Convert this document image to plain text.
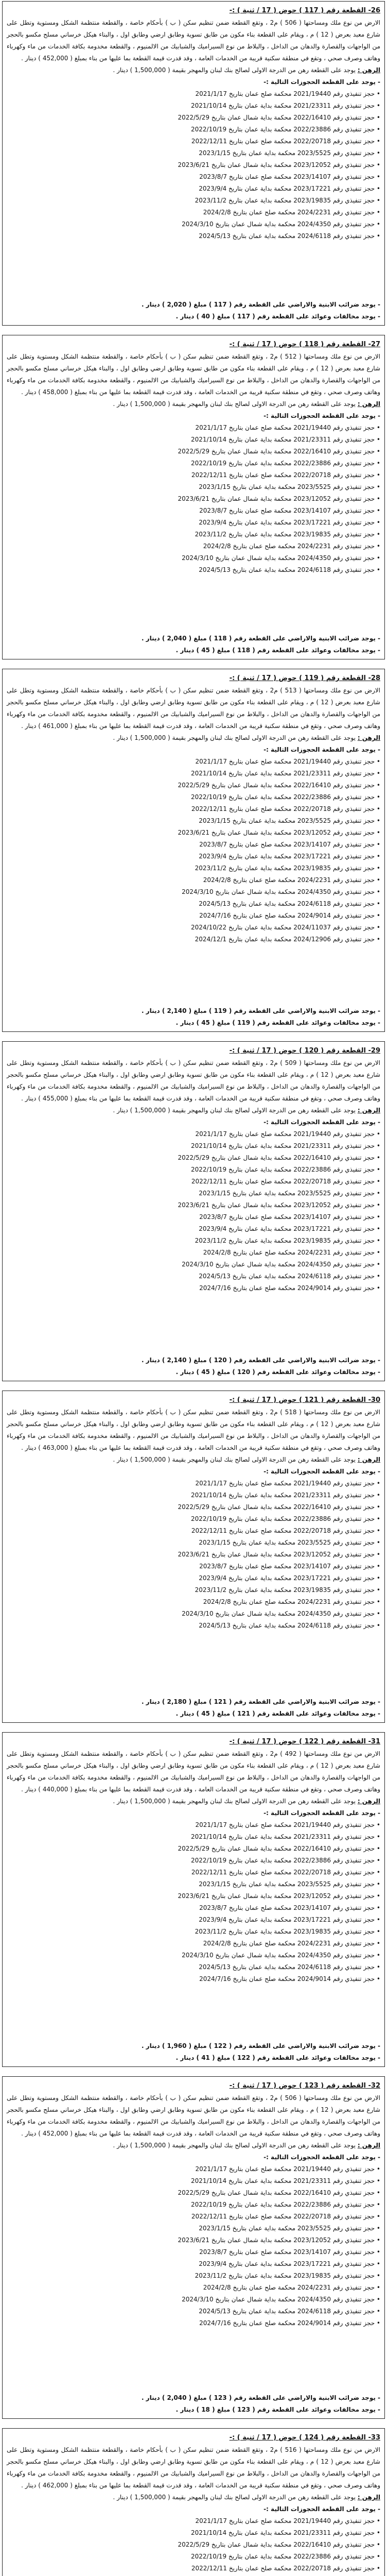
26- القطعة رقم ( 117 ) حوض ( 17 / ثنية ) :-

الارض من نوع ملك ومساحتها ( 506 ) م2 ، وتقع القطعة ضمن تنظيم سكن ( ب ) بأحكام خاصة ، والقطعة منتظمة الشكل ومستوية وتطل على شارع معبد بعرض ( 12 ) م ، ويقام على القطعة بناء مكون من طابق تسوية وطابق ارضي وطابق اول ، والبناء هيكل خرساني مسلح مكسو بالحجر من الواجهات والقصارة والدهان من الداخل ، والبلاط من نوع السيراميك والشبابيك من الالمنيوم ، والقطعة مخدومة بكافة الخدمات من ماء وكهرباء وهاتف وصرف صحي ، وتقع في منطقة سكنية قريبة من الخدمات العامة ، وقد قدرت قيمة القطعة بما عليها من بناء بمبلغ ( 452,000 ) دينار .

الرهن : يوجد على القطعة رهن من الدرجة الاولى لصالح بنك لبنان والمهجر بقيمة ( 1,500,000 ) دينار .

- يوجد على القطعة الحجوزات التالية :-
• حجز تنفيذي رقم 2021/19440 محكمة صلح عمان بتاريخ 2021/1/17
• حجز تنفيذي رقم 2021/23311 محكمة بداية عمان بتاريخ 2021/10/14
• حجز تنفيذي رقم 2022/16410 محكمة بداية شمال عمان بتاريخ 2022/5/29
• حجز تنفيذي رقم 2022/23886 محكمة بداية عمان بتاريخ 2022/10/19
• حجز تنفيذي رقم 2022/20718 محكمة صلح عمان بتاريخ 2022/12/11
• حجز تنفيذي رقم 2023/5525 محكمة بداية عمان بتاريخ 2023/1/15
• حجز تنفيذي رقم 2023/12052 محكمة بداية شمال عمان بتاريخ 2023/6/21
• حجز تنفيذي رقم 2023/14107 محكمة صلح عمان بتاريخ 2023/8/7
• حجز تنفيذي رقم 2023/17221 محكمة بداية عمان بتاريخ 2023/9/4
• حجز تنفيذي رقم 2023/19835 محكمة بداية عمان بتاريخ 2023/11/2
• حجز تنفيذي رقم 2024/2231 محكمة صلح عمان بتاريخ 2024/2/8
• حجز تنفيذي رقم 2024/4350 محكمة بداية شمال عمان بتاريخ 2024/3/10
• حجز تنفيذي رقم 2024/6118 محكمة بداية عمان بتاريخ 2024/5/13
- يوجد ضرائب الابنية والاراضي على القطعة رقم ( 117 ) مبلغ ( 2,020 ) دينار .
- يوجد مخالفات وعوائد على القطعة رقم ( 117 ) مبلغ ( 40 ) دينار .
27- القطعة رقم ( 118 ) حوض ( 17 / ثنية ) :-

الارض من نوع ملك ومساحتها ( 512 ) م2 ، وتقع القطعة ضمن تنظيم سكن ( ب ) بأحكام خاصة ، والقطعة منتظمة الشكل ومستوية وتطل على شارع معبد بعرض ( 12 ) م ، ويقام على القطعة بناء مكون من طابق تسوية وطابق ارضي وطابق اول ، والبناء هيكل خرساني مسلح مكسو بالحجر من الواجهات والقصارة والدهان من الداخل ، والبلاط من نوع السيراميك والشبابيك من الالمنيوم ، والقطعة مخدومة بكافة الخدمات من ماء وكهرباء وهاتف وصرف صحي ، وتقع في منطقة سكنية قريبة من الخدمات العامة ، وقد قدرت قيمة القطعة بما عليها من بناء بمبلغ ( 458,000 ) دينار .

الرهن : يوجد على القطعة رهن من الدرجة الاولى لصالح بنك لبنان والمهجر بقيمة ( 1,500,000 ) دينار .

- يوجد على القطعة الحجوزات التالية :-
• حجز تنفيذي رقم 2021/19440 محكمة صلح عمان بتاريخ 2021/1/17
• حجز تنفيذي رقم 2021/23311 محكمة بداية عمان بتاريخ 2021/10/14
• حجز تنفيذي رقم 2022/16410 محكمة بداية شمال عمان بتاريخ 2022/5/29
• حجز تنفيذي رقم 2022/23886 محكمة بداية عمان بتاريخ 2022/10/19
• حجز تنفيذي رقم 2022/20718 محكمة صلح عمان بتاريخ 2022/12/11
• حجز تنفيذي رقم 2023/5525 محكمة بداية عمان بتاريخ 2023/1/15
• حجز تنفيذي رقم 2023/12052 محكمة بداية شمال عمان بتاريخ 2023/6/21
• حجز تنفيذي رقم 2023/14107 محكمة صلح عمان بتاريخ 2023/8/7
• حجز تنفيذي رقم 2023/17221 محكمة بداية عمان بتاريخ 2023/9/4
• حجز تنفيذي رقم 2023/19835 محكمة بداية عمان بتاريخ 2023/11/2
• حجز تنفيذي رقم 2024/2231 محكمة صلح عمان بتاريخ 2024/2/8
• حجز تنفيذي رقم 2024/4350 محكمة بداية شمال عمان بتاريخ 2024/3/10
• حجز تنفيذي رقم 2024/6118 محكمة بداية عمان بتاريخ 2024/5/13
- يوجد ضرائب الابنية والاراضي على القطعة رقم ( 118 ) مبلغ ( 2,040 ) دينار .
- يوجد مخالفات وعوائد على القطعة رقم ( 118 ) مبلغ ( 45 ) دينار .
28- القطعة رقم ( 119 ) حوض ( 17 / ثنية ) :-

الارض من نوع ملك ومساحتها ( 513 ) م2 ، وتقع القطعة ضمن تنظيم سكن ( ب ) بأحكام خاصة ، والقطعة منتظمة الشكل ومستوية وتطل على شارع معبد بعرض ( 12 ) م ، ويقام على القطعة بناء مكون من طابق تسوية وطابق ارضي وطابق اول ، والبناء هيكل خرساني مسلح مكسو بالحجر من الواجهات والقصارة والدهان من الداخل ، والبلاط من نوع السيراميك والشبابيك من الالمنيوم ، والقطعة مخدومة بكافة الخدمات من ماء وكهرباء وهاتف وصرف صحي ، وتقع في منطقة سكنية قريبة من الخدمات العامة ، وقد قدرت قيمة القطعة بما عليها من بناء بمبلغ ( 461,000 ) دينار .

الرهن : يوجد على القطعة رهن من الدرجة الاولى لصالح بنك لبنان والمهجر بقيمة ( 1,500,000 ) دينار .

- يوجد على القطعة الحجوزات التالية :-
• حجز تنفيذي رقم 2021/19440 محكمة صلح عمان بتاريخ 2021/1/17
• حجز تنفيذي رقم 2021/23311 محكمة بداية عمان بتاريخ 2021/10/14
• حجز تنفيذي رقم 2022/16410 محكمة بداية شمال عمان بتاريخ 2022/5/29
• حجز تنفيذي رقم 2022/23886 محكمة بداية عمان بتاريخ 2022/10/19
• حجز تنفيذي رقم 2022/20718 محكمة صلح عمان بتاريخ 2022/12/11
• حجز تنفيذي رقم 2023/5525 محكمة بداية عمان بتاريخ 2023/1/15
• حجز تنفيذي رقم 2023/12052 محكمة بداية شمال عمان بتاريخ 2023/6/21
• حجز تنفيذي رقم 2023/14107 محكمة صلح عمان بتاريخ 2023/8/7
• حجز تنفيذي رقم 2023/17221 محكمة بداية عمان بتاريخ 2023/9/4
• حجز تنفيذي رقم 2023/19835 محكمة بداية عمان بتاريخ 2023/11/2
• حجز تنفيذي رقم 2024/2231 محكمة صلح عمان بتاريخ 2024/2/8
• حجز تنفيذي رقم 2024/4350 محكمة بداية شمال عمان بتاريخ 2024/3/10
• حجز تنفيذي رقم 2024/6118 محكمة بداية عمان بتاريخ 2024/5/13
• حجز تنفيذي رقم 2024/9014 محكمة صلح عمان بتاريخ 2024/7/16
• حجز تنفيذي رقم 2024/11037 محكمة بداية عمان بتاريخ 2024/10/22
• حجز تنفيذي رقم 2024/12906 محكمة بداية عمان بتاريخ 2024/12/1
- يوجد ضرائب الابنية والاراضي على القطعة رقم ( 119 ) مبلغ ( 2,140 ) دينار .
- يوجد مخالفات وعوائد على القطعة رقم ( 119 ) مبلغ ( 45 ) دينار .
29- القطعة رقم ( 120 ) حوض ( 17 / ثنية ) :-

الارض من نوع ملك ومساحتها ( 509 ) م2 ، وتقع القطعة ضمن تنظيم سكن ( ب ) بأحكام خاصة ، والقطعة منتظمة الشكل ومستوية وتطل على شارع معبد بعرض ( 12 ) م ، ويقام على القطعة بناء مكون من طابق تسوية وطابق ارضي وطابق اول ، والبناء هيكل خرساني مسلح مكسو بالحجر من الواجهات والقصارة والدهان من الداخل ، والبلاط من نوع السيراميك والشبابيك من الالمنيوم ، والقطعة مخدومة بكافة الخدمات من ماء وكهرباء وهاتف وصرف صحي ، وتقع في منطقة سكنية قريبة من الخدمات العامة ، وقد قدرت قيمة القطعة بما عليها من بناء بمبلغ ( 455,000 ) دينار .

الرهن : يوجد على القطعة رهن من الدرجة الاولى لصالح بنك لبنان والمهجر بقيمة ( 1,500,000 ) دينار .

- يوجد على القطعة الحجوزات التالية :-
• حجز تنفيذي رقم 2021/19440 محكمة صلح عمان بتاريخ 2021/1/17
• حجز تنفيذي رقم 2021/23311 محكمة بداية عمان بتاريخ 2021/10/14
• حجز تنفيذي رقم 2022/16410 محكمة بداية شمال عمان بتاريخ 2022/5/29
• حجز تنفيذي رقم 2022/23886 محكمة بداية عمان بتاريخ 2022/10/19
• حجز تنفيذي رقم 2022/20718 محكمة صلح عمان بتاريخ 2022/12/11
• حجز تنفيذي رقم 2023/5525 محكمة بداية عمان بتاريخ 2023/1/15
• حجز تنفيذي رقم 2023/12052 محكمة بداية شمال عمان بتاريخ 2023/6/21
• حجز تنفيذي رقم 2023/14107 محكمة صلح عمان بتاريخ 2023/8/7
• حجز تنفيذي رقم 2023/17221 محكمة بداية عمان بتاريخ 2023/9/4
• حجز تنفيذي رقم 2023/19835 محكمة بداية عمان بتاريخ 2023/11/2
• حجز تنفيذي رقم 2024/2231 محكمة صلح عمان بتاريخ 2024/2/8
• حجز تنفيذي رقم 2024/4350 محكمة بداية شمال عمان بتاريخ 2024/3/10
• حجز تنفيذي رقم 2024/6118 محكمة بداية عمان بتاريخ 2024/5/13
• حجز تنفيذي رقم 2024/9014 محكمة صلح عمان بتاريخ 2024/7/16
- يوجد ضرائب الابنية والاراضي على القطعة رقم ( 120 ) مبلغ ( 2,140 ) دينار .
- يوجد مخالفات وعوائد على القطعة رقم ( 120 ) مبلغ ( 45 ) دينار .
30- القطعة رقم ( 121 ) حوض ( 17 / ثنية ) :-

الارض من نوع ملك ومساحتها ( 518 ) م2 ، وتقع القطعة ضمن تنظيم سكن ( ب ) بأحكام خاصة ، والقطعة منتظمة الشكل ومستوية وتطل على شارع معبد بعرض ( 12 ) م ، ويقام على القطعة بناء مكون من طابق تسوية وطابق ارضي وطابق اول ، والبناء هيكل خرساني مسلح مكسو بالحجر من الواجهات والقصارة والدهان من الداخل ، والبلاط من نوع السيراميك والشبابيك من الالمنيوم ، والقطعة مخدومة بكافة الخدمات من ماء وكهرباء وهاتف وصرف صحي ، وتقع في منطقة سكنية قريبة من الخدمات العامة ، وقد قدرت قيمة القطعة بما عليها من بناء بمبلغ ( 463,000 ) دينار .

الرهن : يوجد على القطعة رهن من الدرجة الاولى لصالح بنك لبنان والمهجر بقيمة ( 1,500,000 ) دينار .

- يوجد على القطعة الحجوزات التالية :-
• حجز تنفيذي رقم 2021/19440 محكمة صلح عمان بتاريخ 2021/1/17
• حجز تنفيذي رقم 2021/23311 محكمة بداية عمان بتاريخ 2021/10/14
• حجز تنفيذي رقم 2022/16410 محكمة بداية شمال عمان بتاريخ 2022/5/29
• حجز تنفيذي رقم 2022/23886 محكمة بداية عمان بتاريخ 2022/10/19
• حجز تنفيذي رقم 2022/20718 محكمة صلح عمان بتاريخ 2022/12/11
• حجز تنفيذي رقم 2023/5525 محكمة بداية عمان بتاريخ 2023/1/15
• حجز تنفيذي رقم 2023/12052 محكمة بداية شمال عمان بتاريخ 2023/6/21
• حجز تنفيذي رقم 2023/14107 محكمة صلح عمان بتاريخ 2023/8/7
• حجز تنفيذي رقم 2023/17221 محكمة بداية عمان بتاريخ 2023/9/4
• حجز تنفيذي رقم 2023/19835 محكمة بداية عمان بتاريخ 2023/11/2
• حجز تنفيذي رقم 2024/2231 محكمة صلح عمان بتاريخ 2024/2/8
• حجز تنفيذي رقم 2024/4350 محكمة بداية شمال عمان بتاريخ 2024/3/10
• حجز تنفيذي رقم 2024/6118 محكمة بداية عمان بتاريخ 2024/5/13
- يوجد ضرائب الابنية والاراضي على القطعة رقم ( 121 ) مبلغ ( 2,180 ) دينار .
- يوجد مخالفات وعوائد على القطعة رقم ( 121 ) مبلغ ( 45 ) دينار .
31- القطعة رقم ( 122 ) حوض ( 17 / ثنية ) :-

الارض من نوع ملك ومساحتها ( 492 ) م2 ، وتقع القطعة ضمن تنظيم سكن ( ب ) بأحكام خاصة ، والقطعة منتظمة الشكل ومستوية وتطل على شارع معبد بعرض ( 12 ) م ، ويقام على القطعة بناء مكون من طابق تسوية وطابق ارضي وطابق اول ، والبناء هيكل خرساني مسلح مكسو بالحجر من الواجهات والقصارة والدهان من الداخل ، والبلاط من نوع السيراميك والشبابيك من الالمنيوم ، والقطعة مخدومة بكافة الخدمات من ماء وكهرباء وهاتف وصرف صحي ، وتقع في منطقة سكنية قريبة من الخدمات العامة ، وقد قدرت قيمة القطعة بما عليها من بناء بمبلغ ( 440,000 ) دينار .

الرهن : يوجد على القطعة رهن من الدرجة الاولى لصالح بنك لبنان والمهجر بقيمة ( 1,500,000 ) دينار .

- يوجد على القطعة الحجوزات التالية :-
• حجز تنفيذي رقم 2021/19440 محكمة صلح عمان بتاريخ 2021/1/17
• حجز تنفيذي رقم 2021/23311 محكمة بداية عمان بتاريخ 2021/10/14
• حجز تنفيذي رقم 2022/16410 محكمة بداية شمال عمان بتاريخ 2022/5/29
• حجز تنفيذي رقم 2022/23886 محكمة بداية عمان بتاريخ 2022/10/19
• حجز تنفيذي رقم 2022/20718 محكمة صلح عمان بتاريخ 2022/12/11
• حجز تنفيذي رقم 2023/5525 محكمة بداية عمان بتاريخ 2023/1/15
• حجز تنفيذي رقم 2023/12052 محكمة بداية شمال عمان بتاريخ 2023/6/21
• حجز تنفيذي رقم 2023/14107 محكمة صلح عمان بتاريخ 2023/8/7
• حجز تنفيذي رقم 2023/17221 محكمة بداية عمان بتاريخ 2023/9/4
• حجز تنفيذي رقم 2023/19835 محكمة بداية عمان بتاريخ 2023/11/2
• حجز تنفيذي رقم 2024/2231 محكمة صلح عمان بتاريخ 2024/2/8
• حجز تنفيذي رقم 2024/4350 محكمة بداية شمال عمان بتاريخ 2024/3/10
• حجز تنفيذي رقم 2024/6118 محكمة بداية عمان بتاريخ 2024/5/13
• حجز تنفيذي رقم 2024/9014 محكمة صلح عمان بتاريخ 2024/7/16
- يوجد ضرائب الابنية والاراضي على القطعة رقم ( 122 ) مبلغ ( 1,960 ) دينار .
- يوجد مخالفات وعوائد على القطعة رقم ( 122 ) مبلغ ( 41 ) دينار .
32- القطعة رقم ( 123 ) حوض ( 17 / ثنية ) :-

الارض من نوع ملك ومساحتها ( 506 ) م2 ، وتقع القطعة ضمن تنظيم سكن ( ب ) بأحكام خاصة ، والقطعة منتظمة الشكل ومستوية وتطل على شارع معبد بعرض ( 12 ) م ، ويقام على القطعة بناء مكون من طابق تسوية وطابق ارضي وطابق اول ، والبناء هيكل خرساني مسلح مكسو بالحجر من الواجهات والقصارة والدهان من الداخل ، والبلاط من نوع السيراميك والشبابيك من الالمنيوم ، والقطعة مخدومة بكافة الخدمات من ماء وكهرباء وهاتف وصرف صحي ، وتقع في منطقة سكنية قريبة من الخدمات العامة ، وقد قدرت قيمة القطعة بما عليها من بناء بمبلغ ( 452,000 ) دينار .

الرهن : يوجد على القطعة رهن من الدرجة الاولى لصالح بنك لبنان والمهجر بقيمة ( 1,500,000 ) دينار .

- يوجد على القطعة الحجوزات التالية :-
• حجز تنفيذي رقم 2021/19440 محكمة صلح عمان بتاريخ 2021/1/17
• حجز تنفيذي رقم 2021/23311 محكمة بداية عمان بتاريخ 2021/10/14
• حجز تنفيذي رقم 2022/16410 محكمة بداية شمال عمان بتاريخ 2022/5/29
• حجز تنفيذي رقم 2022/23886 محكمة بداية عمان بتاريخ 2022/10/19
• حجز تنفيذي رقم 2022/20718 محكمة صلح عمان بتاريخ 2022/12/11
• حجز تنفيذي رقم 2023/5525 محكمة بداية عمان بتاريخ 2023/1/15
• حجز تنفيذي رقم 2023/12052 محكمة بداية شمال عمان بتاريخ 2023/6/21
• حجز تنفيذي رقم 2023/14107 محكمة صلح عمان بتاريخ 2023/8/7
• حجز تنفيذي رقم 2023/17221 محكمة بداية عمان بتاريخ 2023/9/4
• حجز تنفيذي رقم 2023/19835 محكمة بداية عمان بتاريخ 2023/11/2
• حجز تنفيذي رقم 2024/2231 محكمة صلح عمان بتاريخ 2024/2/8
• حجز تنفيذي رقم 2024/4350 محكمة بداية شمال عمان بتاريخ 2024/3/10
• حجز تنفيذي رقم 2024/6118 محكمة بداية عمان بتاريخ 2024/5/13
• حجز تنفيذي رقم 2024/9014 محكمة صلح عمان بتاريخ 2024/7/16
- يوجد ضرائب الابنية والاراضي على القطعة رقم ( 123 ) مبلغ ( 2,040 ) دينار .
- يوجد مخالفات وعوائد على القطعة رقم ( 123 ) مبلغ ( 18 ) دينار .
33- القطعة رقم ( 124 ) حوض ( 17 / ثنية ) :-

الارض من نوع ملك ومساحتها ( 516 ) م2 ، وتقع القطعة ضمن تنظيم سكن ( ب ) بأحكام خاصة ، والقطعة منتظمة الشكل ومستوية وتطل على شارع معبد بعرض ( 12 ) م ، ويقام على القطعة بناء مكون من طابق تسوية وطابق ارضي وطابق اول ، والبناء هيكل خرساني مسلح مكسو بالحجر من الواجهات والقصارة والدهان من الداخل ، والبلاط من نوع السيراميك والشبابيك من الالمنيوم ، والقطعة مخدومة بكافة الخدمات من ماء وكهرباء وهاتف وصرف صحي ، وتقع في منطقة سكنية قريبة من الخدمات العامة ، وقد قدرت قيمة القطعة بما عليها من بناء بمبلغ ( 462,000 ) دينار .

الرهن : يوجد على القطعة رهن من الدرجة الاولى لصالح بنك لبنان والمهجر بقيمة ( 1,500,000 ) دينار .

- يوجد على القطعة الحجوزات التالية :-
• حجز تنفيذي رقم 2021/19440 محكمة صلح عمان بتاريخ 2021/1/17
• حجز تنفيذي رقم 2021/23311 محكمة بداية عمان بتاريخ 2021/10/14
• حجز تنفيذي رقم 2022/16410 محكمة بداية شمال عمان بتاريخ 2022/5/29
• حجز تنفيذي رقم 2022/23886 محكمة بداية عمان بتاريخ 2022/10/19
• حجز تنفيذي رقم 2022/20718 محكمة صلح عمان بتاريخ 2022/12/11
